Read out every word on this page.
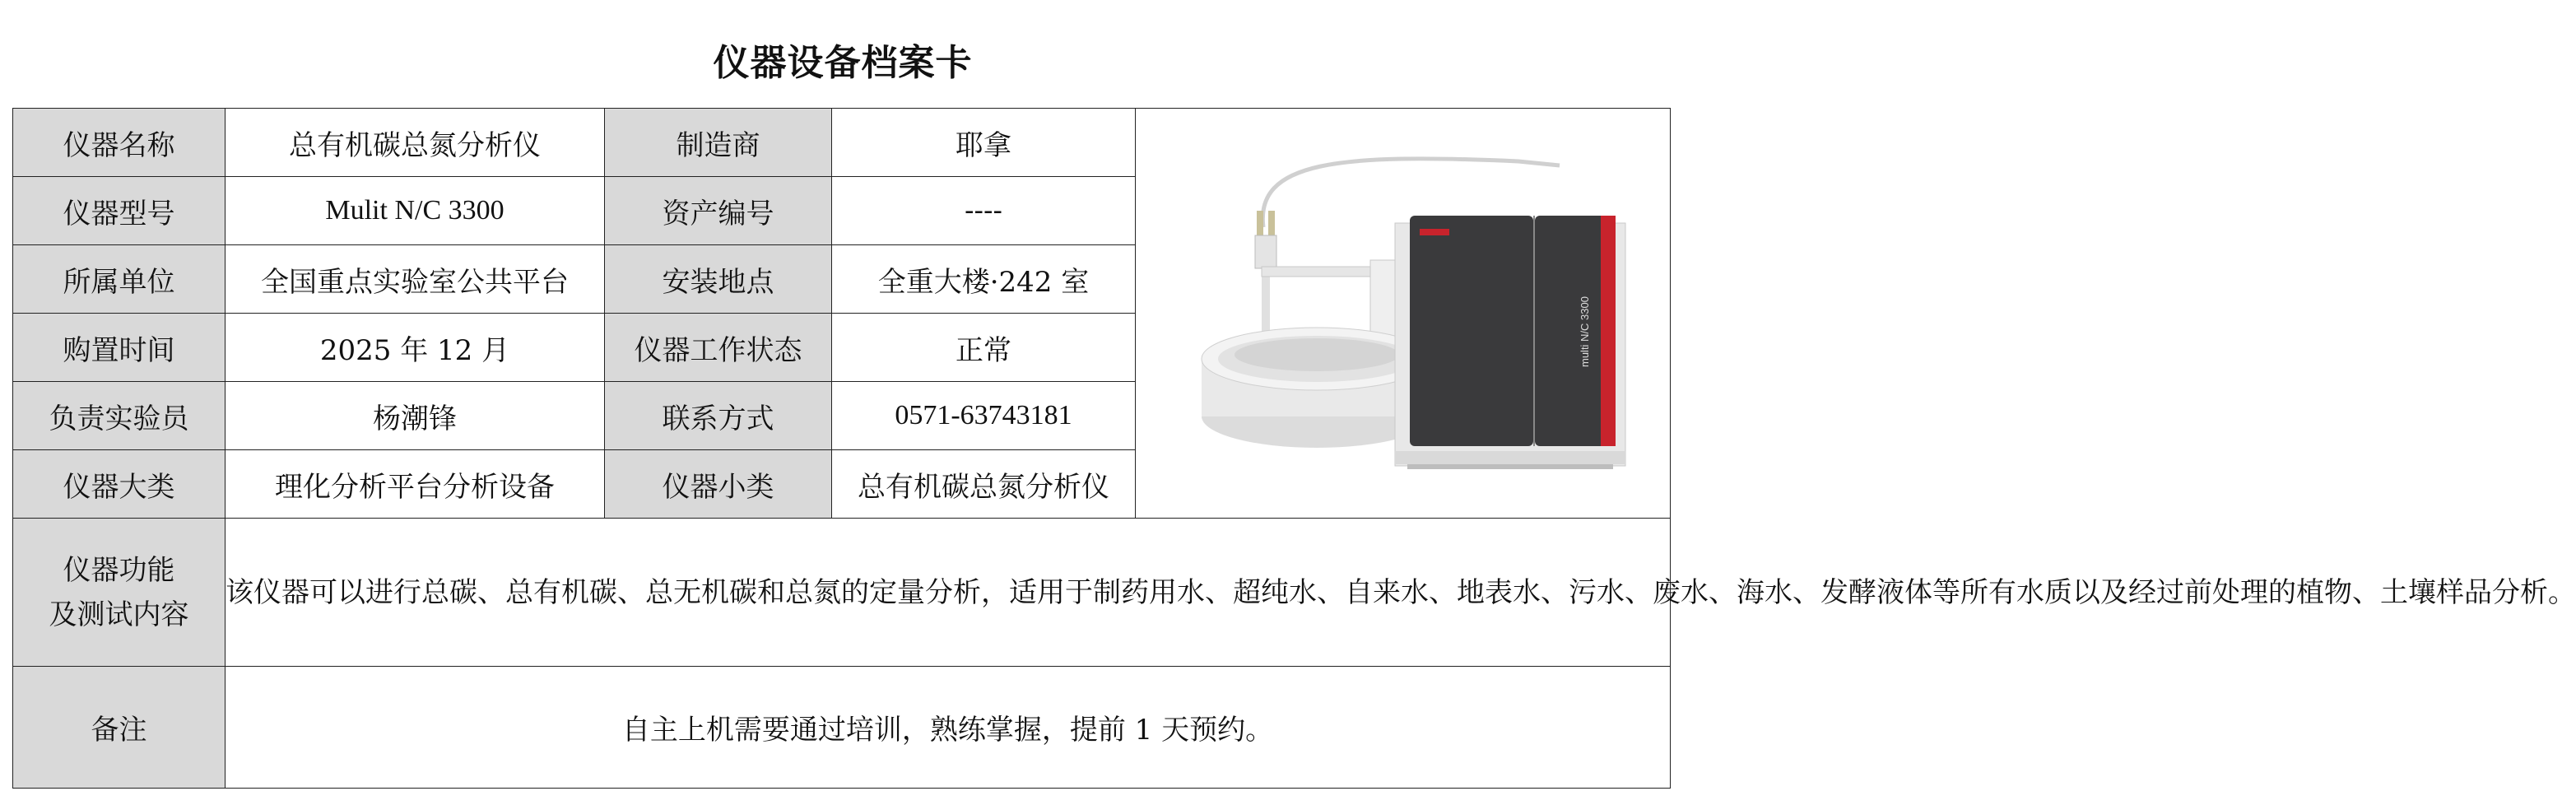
仪器设备档案卡
仪器名称	总有机碳总氮分析仪	制造商	耶拿	multi N/C 3300

仪器型号	Mulit N/C 3300	资产编号	----	
所属单位	全国重点实验室公共平台	安装地点	全重大楼·242 室	
购置时间	2025 年 12 月	仪器工作状态	正常	
负责实验员	杨潮锋	联系方式	0571-63743181	
仪器大类	理化分析平台分析设备	仪器小类	总有机碳总氮分析仪	
仪器功能
及测试内容	该仪器可以进行总碳、总有机碳、总无机碳和总氮的定量分析，适用于制药用水、超纯水、自来水、地表水、污水、废水、海水、发酵液体等所有水质以及经过前处理的植物、土壤样品分析。			
备注	自主上机需要通过培训，熟练掌握，提前 1 天预约。			
